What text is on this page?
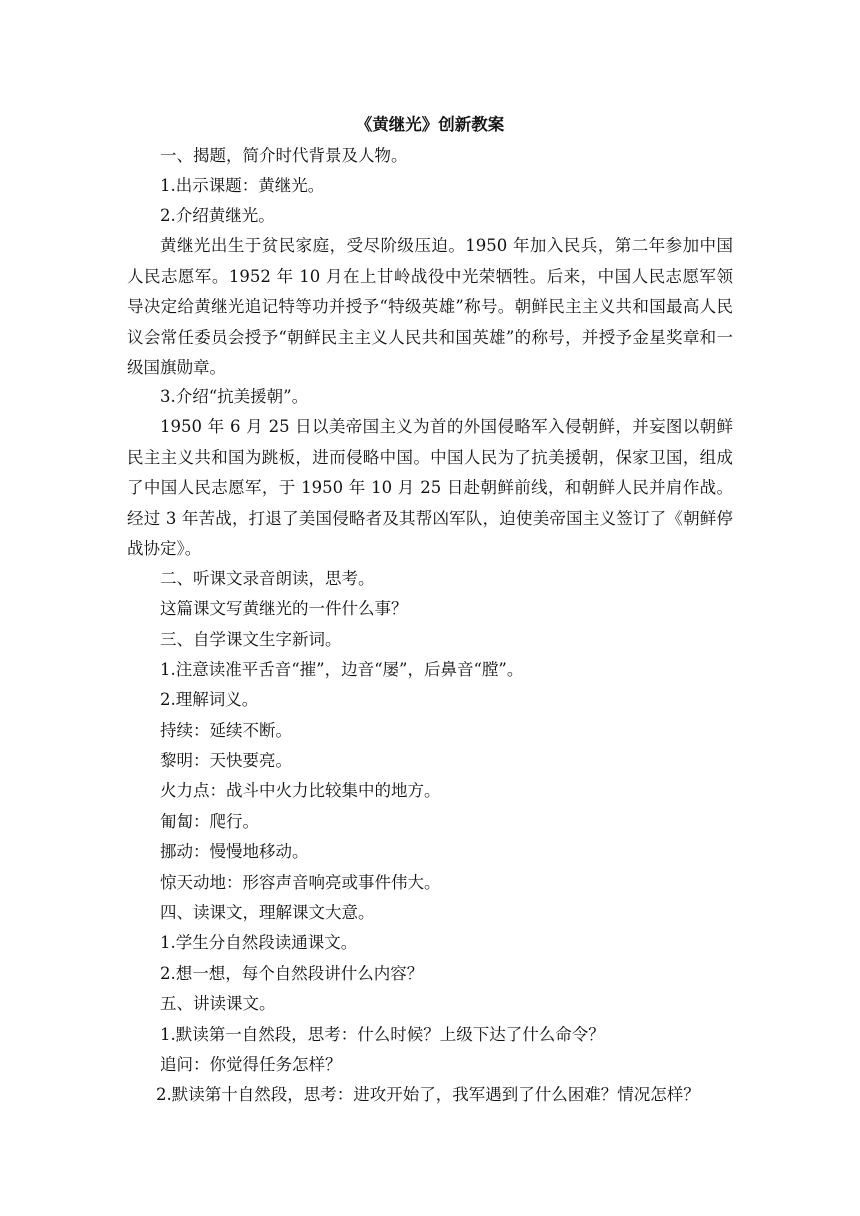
《黄继光》创新教案
一、揭题，简介时代背景及人物。
1.出示课题：黄继光。
2.介绍黄继光。
黄继光出生于贫民家庭，受尽阶级压迫。1950 年加入民兵，第二年参加中国人民志愿军。1952 年 10 月在上甘岭战役中光荣牺牲。后来，中国人民志愿军领导决定给黄继光追记特等功并授予“特级英雄”称号。朝鲜民主主义共和国最高人民议会常任委员会授予“朝鲜民主主义人民共和国英雄”的称号，并授予金星奖章和一级国旗勋章。
3.介绍“抗美援朝”。
1950 年 6 月 25 日以美帝国主义为首的外国侵略军入侵朝鲜，并妄图以朝鲜民主主义共和国为跳板，进而侵略中国。中国人民为了抗美援朝，保家卫国，组成了中国人民志愿军，于 1950 年 10 月 25 日赴朝鲜前线，和朝鲜人民并肩作战。经过 3 年苦战，打退了美国侵略者及其帮凶军队，迫使美帝国主义签订了《朝鲜停战协定》。
二、听课文录音朗读，思考。
这篇课文写黄继光的一件什么事？
三、自学课文生字新词。
1.注意读准平舌音“摧”，边音“屡”，后鼻音“膛”。
2.理解词义。
持续：延续不断。
黎明：天快要亮。
火力点：战斗中火力比较集中的地方。
匍匐：爬行。
挪动：慢慢地移动。
惊天动地：形容声音响亮或事件伟大。
四、读课文，理解课文大意。
1.学生分自然段读通课文。
2.想一想，每个自然段讲什么内容？
五、讲读课文。
1.默读第一自然段，思考：什么时候？上级下达了什么命令？
追问：你觉得任务怎样？
2.默读第十自然段，思考：进攻开始了，我军遇到了什么困难？情况怎样？
